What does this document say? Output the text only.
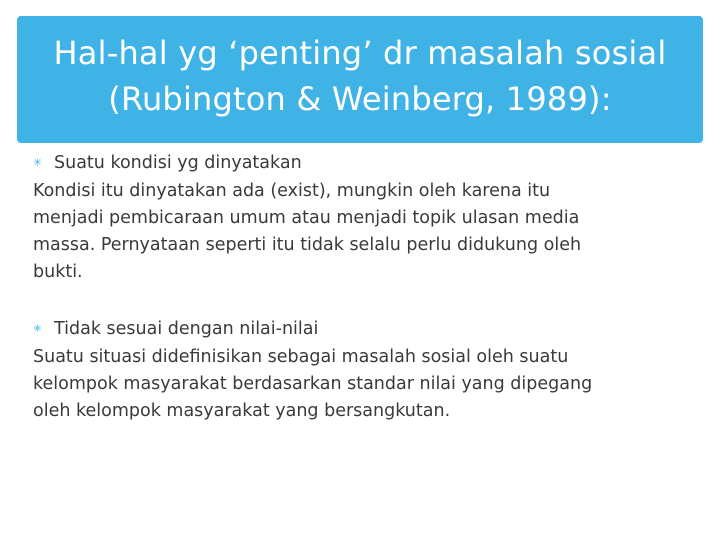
Hal-hal yg ‘penting’ dr masalah sosial
(Rubington & Weinberg, 1989):
✳ Suatu kondisi yg dinyatakan

Kondisi itu dinyatakan ada (exist), mungkin oleh karena itu
menjadi pembicaraan umum atau menjadi topik ulasan media
massa. Pernyataan seperti itu tidak selalu perlu didukung oleh
bukti.

✳ Tidak sesuai dengan nilai-nilai

Suatu situasi didefinisikan sebagai masalah sosial oleh suatu
kelompok masyarakat berdasarkan standar nilai yang dipegang
oleh kelompok masyarakat yang bersangkutan.
